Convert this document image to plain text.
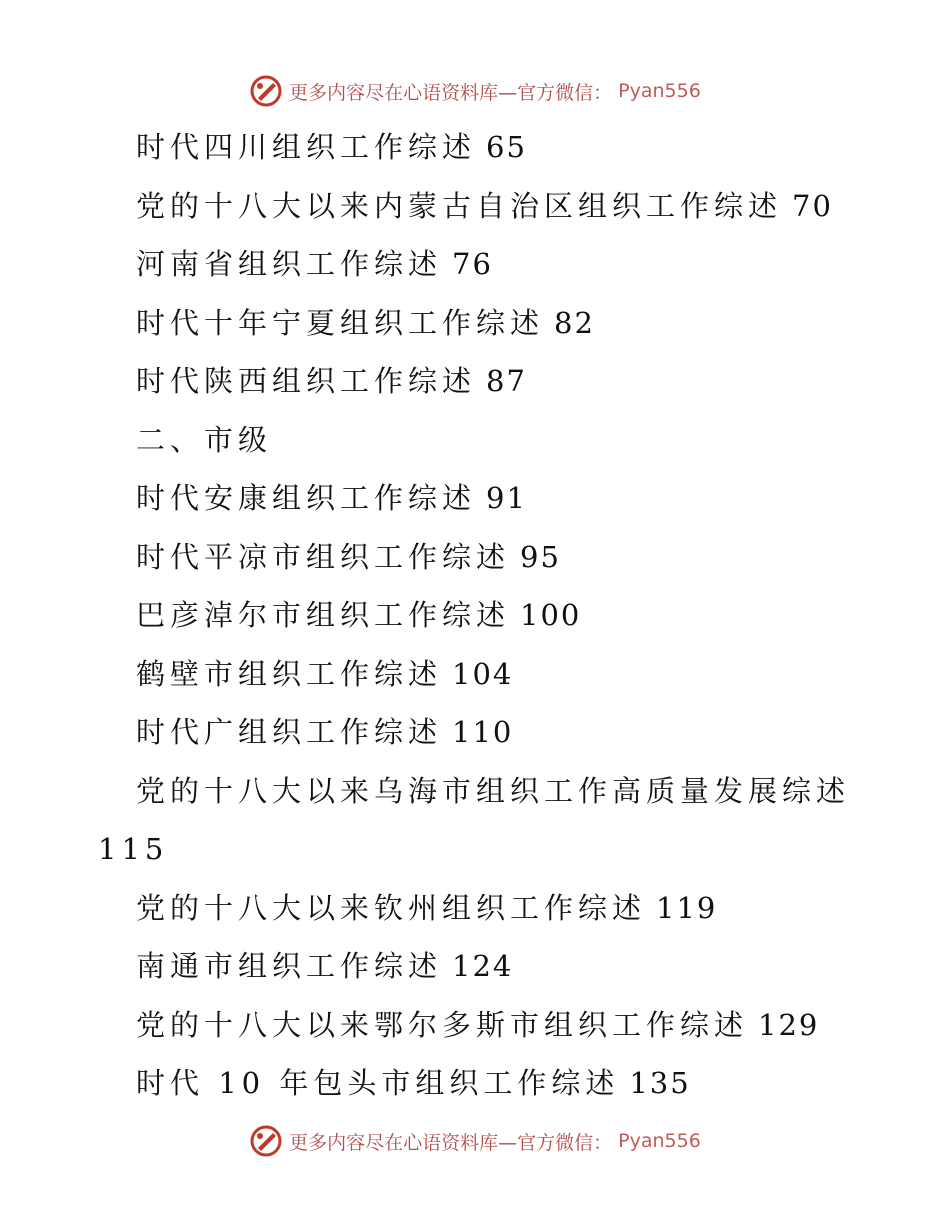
更多内容尽在心语资料库—官方微信： Pyan556
时代四川组织工作综述 65
党的十八大以来内蒙古自治区组织工作综述 70
河南省组织工作综述 76
时代十年宁夏组织工作综述 82
时代陕西组织工作综述 87
二、市级
时代安康组织工作综述 91
时代平凉市组织工作综述 95
巴彦淖尔市组织工作综述 100
鹤壁市组织工作综述 104
时代广组织工作综述 110
党的十八大以来乌海市组织工作高质量发展综述
115
党的十八大以来钦州组织工作综述 119
南通市组织工作综述 124
党的十八大以来鄂尔多斯市组织工作综述 129
时代 10 年包头市组织工作综述 135
更多内容尽在心语资料库—官方微信： Pyan556
